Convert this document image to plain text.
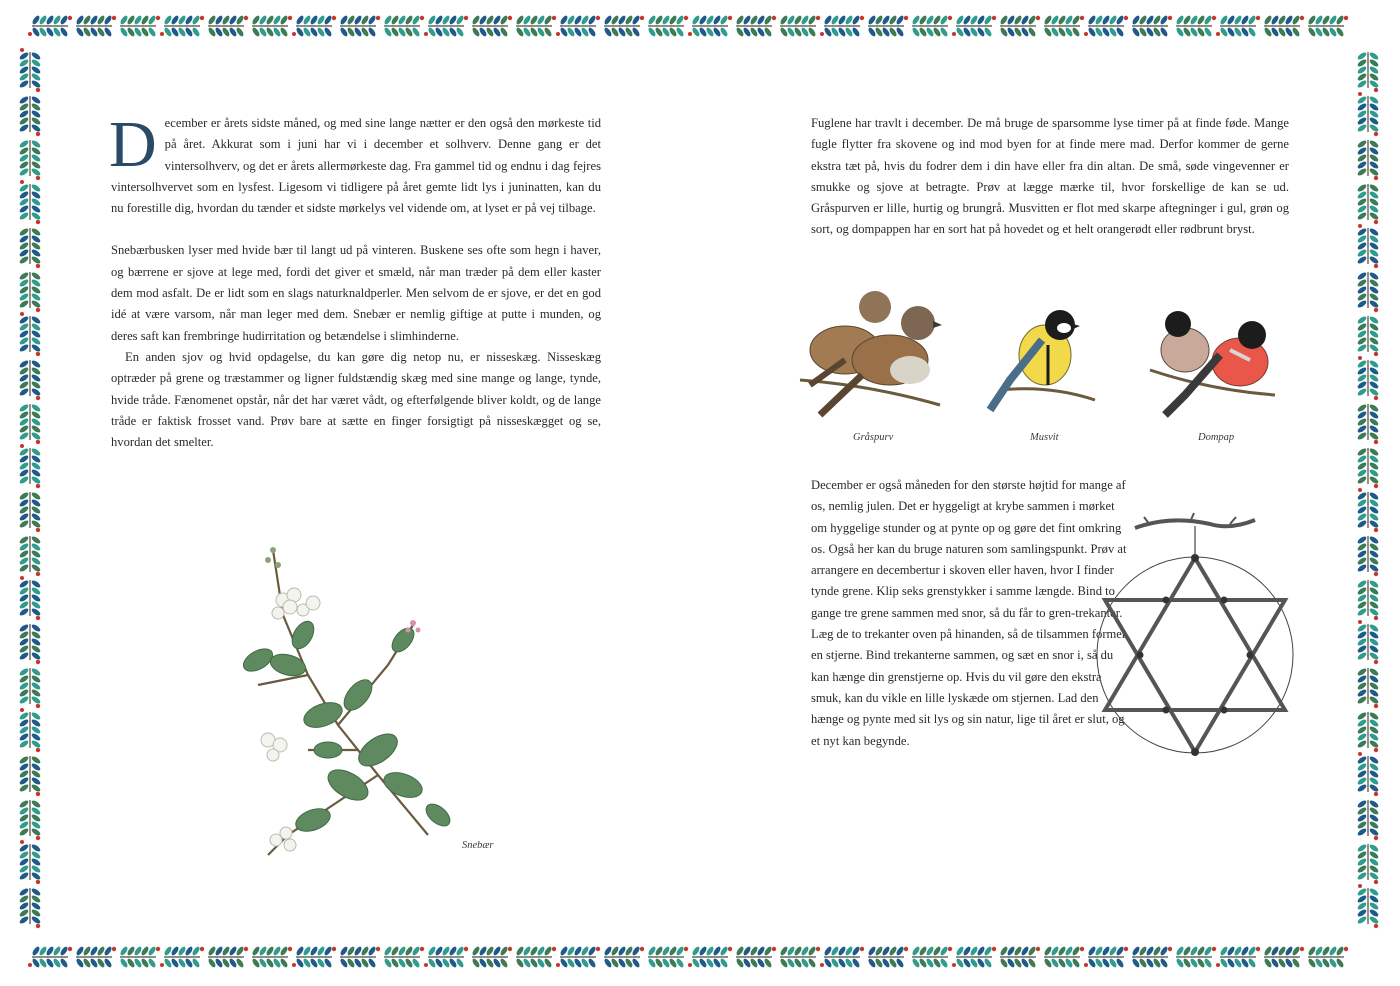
December er årets sidste måned, og med sine lange nætter er den også den mørkeste tid på året. Akkurat som i juni har vi i december et solhverv. Denne gang er det vintersolhverv, og det er årets allermørkeste dag. Fra gammel tid og endnu i dag fejres vintersolhvervet som en lysfest. Ligesom vi tidligere på året gemte lidt lys i juninatten, kan du nu forestille dig, hvordan du tænder et sidste mørkelys vel vidende om, at lyset er på vej tilbage.

Snebærbusken lyser med hvide bær til langt ud på vinteren. Buskene ses ofte som hegn i haver, og bærrene er sjove at lege med, fordi det giver et smæld, når man træder på dem eller kaster dem mod asfalt. De er lidt som en slags naturknaldperler. Men selvom de er sjove, er det en god idé at være varsom, når man leger med dem. Snebær er nemlig giftige at putte i munden, og deres saft kan frembringe hudirritation og betændelse i slimhinderne.

En anden sjov og hvid opdagelse, du kan gøre dig netop nu, er nisseskæg. Nisseskæg optræder på grene og træstammer og ligner fuldstændig skæg med sine mange og lange, tynde, hvide tråde. Fænomenet opstår, når det har været vådt, og efterfølgende bliver koldt, og de lange tråde er faktisk frosset vand. Prøv bare at sætte en finger forsigtigt på nisseskægget og se, hvordan det smelter.

Snebær

Fuglene har travlt i december. De må bruge de sparsomme lyse timer på at finde føde. Mange fugle flytter fra skovene og ind mod byen for at finde mere mad. Derfor kommer de gerne ekstra tæt på, hvis du fodrer dem i din have eller fra din altan. De små, søde vingevenner er smukke og sjove at betragte. Prøv at lægge mærke til, hvor forskellige de kan se ud. Gråspurven er lille, hurtig og brungrå. Musvitten er flot med skarpe aftegninger i gul, grøn og sort, og dompappen har en sort hat på hovedet og et helt orangerødt eller rødbrunt bryst.

Gråspurv	Musvit	Dompap

December er også måneden for den største højtid for mange af os, nemlig julen. Det er hyggeligt at krybe sammen i mørket om hyggelige stunder og at pynte op og gøre det fint omkring os. Også her kan du bruge naturen som samlingspunkt. Prøv at arrangere en decembertur i skoven eller haven, hvor I finder tynde grene. Klip seks grenstykker i samme længde. Bind to gange tre grene sammen med snor, så du får to gren-trekanter. Læg de to trekanter oven på hinanden, så de tilsammen former en stjerne. Bind trekanterne sammen, og sæt en snor i, så du kan hænge din grenstjerne op. Hvis du vil gøre den ekstra smuk, kan du vikle en lille lyskæde om stjernen. Lad den hænge og pynte med sit lys og sin natur, lige til året er slut, og et nyt kan begynde.
